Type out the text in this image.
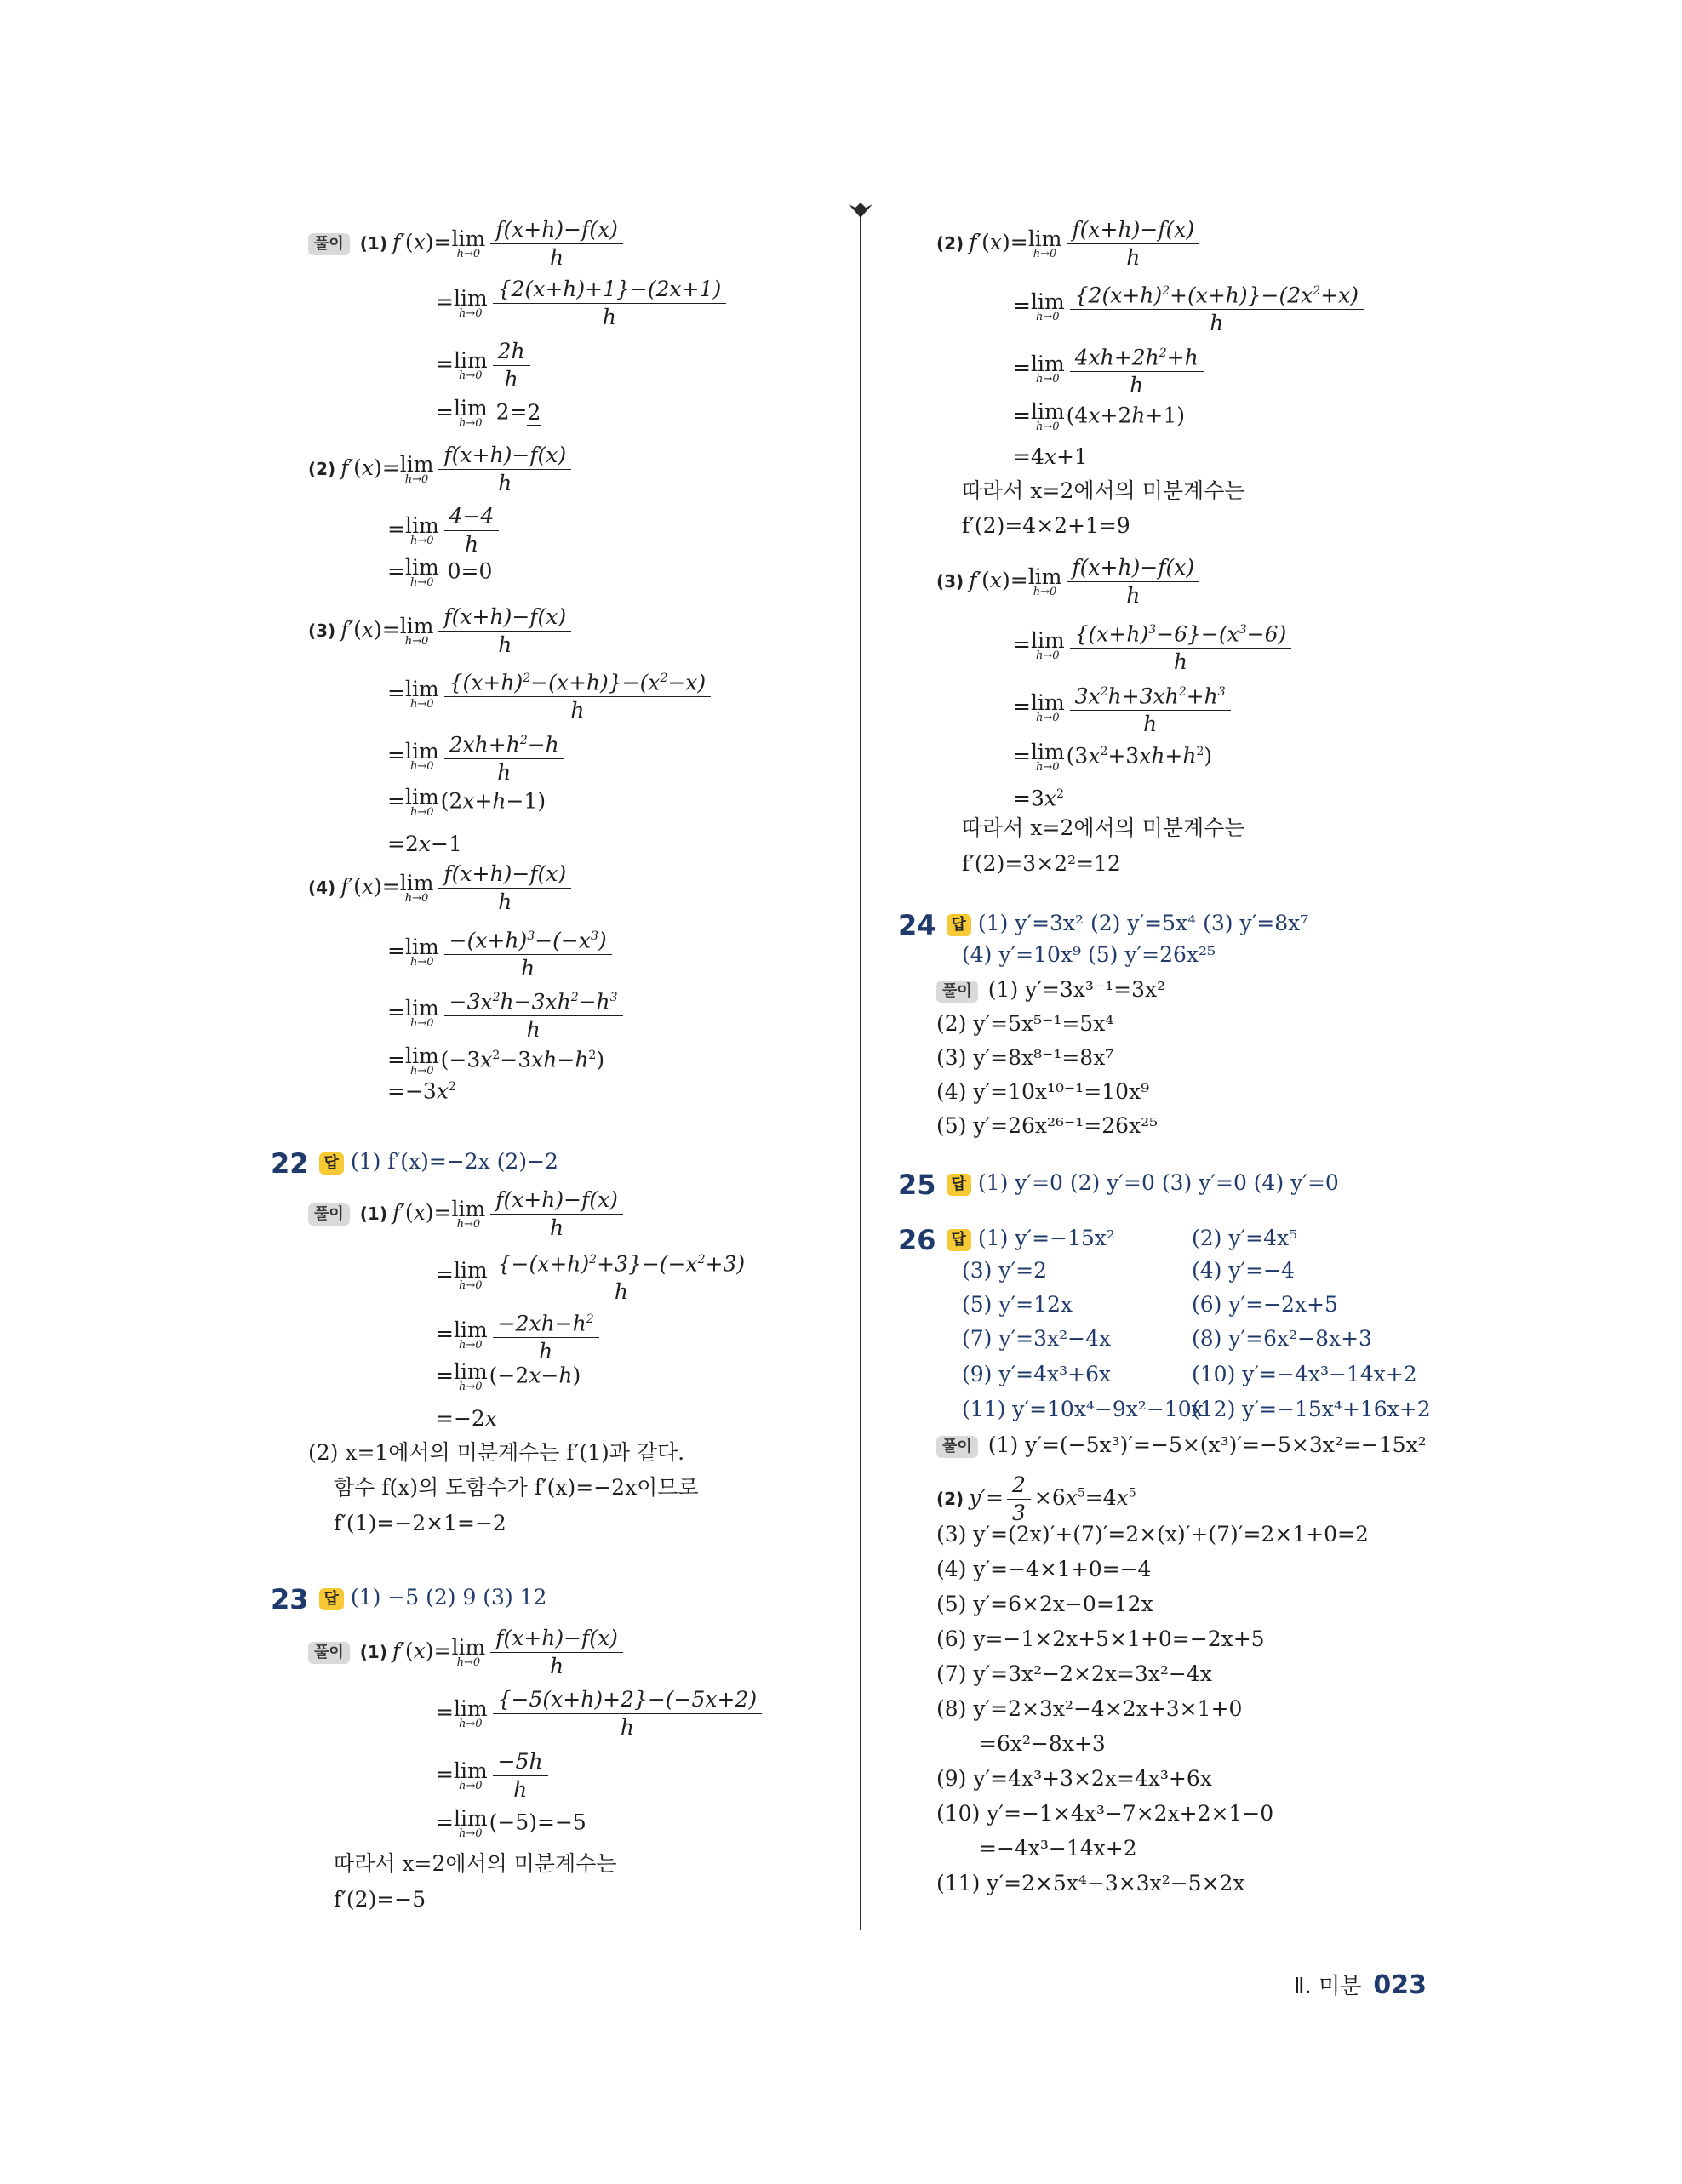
풀이 (1) f′(x)= lim
$h\to 0 \frac{f(x+h)-f(x)}{h}$
= lim
$h\to 0 \frac{\{2(x+h)+1\}-(2x+1)}{h}$
= lim
$h\to 0 \frac{2h}{h}$
= lim
h→0 2=2
(2) f′(x)= lim
$h\to 0 \frac{f(x+h)-f(x)}{h}$
= lim
$h\to 0 \frac{4-4}{h}$
= lim
h→0 0=0
(3) f′(x)= lim
$h\to 0 \frac{f(x+h)-f(x)}{h}$
= lim
$h\to 0 \frac{\{(x+h)^2-(x+h)\}-(x^2-x)}{h}$
= lim
$h\to 0 \frac{2xh+h^2-h}{h}$
= lim
h→0 (2x+h−1)
=2x−1
(4) f′(x)= lim
$h\to 0 \frac{f(x+h)-f(x)}{h}$
= lim
$h\to 0 \frac{-(x+h)^3-(-x^3)}{h}$
= lim
$h\to 0 \frac{-3x^2h-3xh^2-h^3}{h}$
= lim
h→0 $(-3x^2-3xh-h^2)$
$=-3x^2$
22 답 (1) f′(x)=−2x (2)−2
풀이 (1) f′(x)= lim
$h\to 0 \frac{f(x+h)-f(x)}{h}$
= lim
$h\to 0 \frac{\{-(x+h)^2+3\}-(-x^2+3)}{h}$
= lim
$h\to 0 \frac{-2xh-h^2}{h}$
= lim
h→0 (−2x−h)
=−2x
(2) x=1에서의 미분계수는 f′(1)과 같다.
함수 f(x)의 도함수가 f′(x)=−2x이므로
f′(1)=−2×1=−2
23 답 (1) −5 (2) 9 (3) 12
풀이 (1) f′(x)= lim
$h\to 0 \frac{f(x+h)-f(x)}{h}$
= lim
$h\to 0 \frac{\{-5(x+h)+2\}-(-5x+2)}{h}$
= lim
$h\to 0 \frac{-5h}{h}$
= lim
h→0 (−5)=−5
따라서 x=2에서의 미분계수는
f′(2)=−5
(2) f′(x)= lim
$h\to 0 \frac{f(x+h)-f(x)}{h}$
= lim
$h\to 0 \frac{\{2(x+h)^2+(x+h)\}-(2x^2+x)}{h}$
= lim
$h\to 0 \frac{4xh+2h^2+h}{h}$
= lim
h→0 (4x+2h+1)
=4x+1
따라서 x=2에서의 미분계수는
f′(2)=4×2+1=9
(3) f′(x)= lim
$h\to 0 \frac{f(x+h)-f(x)}{h}$
= lim
$h\to 0 \frac{\{(x+h)^3-6\}-(x^3-6)}{h}$
= lim
$h\to 0 \frac{3x^2h+3xh^2+h^3}{h}$
= lim
h→0 $(3x^2+3xh+h^2)$
$=3x^2$
따라서 x=2에서의 미분계수는
f′(2)=3×2²=12
24 답 (1) y′=3x² (2) y′=5x⁴ (3) y′=8x⁷
(4) y′=10x⁹ (5) y′=26x²⁵
풀이 (1) y′=3x³⁻¹=3x²
(2) y′=5x⁵⁻¹=5x⁴
(3) y′=8x⁸⁻¹=8x⁷
(4) y′=10x¹⁰⁻¹=10x⁹
(5) y′=26x²⁶⁻¹=26x²⁵
25 답 (1) y′=0 (2) y′=0 (3) y′=0 (4) y′=0
26 답 (1) y′=−15x²	(2) y′=4x⁵
(3) y′=2	(4) y′=−4
(5) y′=12x	(6) y′=−2x+5
(7) y′=3x²−4x	(8) y′=6x²−8x+3
(9) y′=4x³+6x	(10) y′=−4x³−14x+2
(11) y′=10x⁴−9x²−10x
(12) y′=−15x⁴+16x+2
풀이 (1) y′=(−5x³)′=−5×(x³)′=−5×3x²=−15x²
(2) $y'= \frac{2}{3} \times 6x^5=4x^5$
(3) y′=(2x)′+(7)′=2×(x)′+(7)′=2×1+0=2
(4) y′=−4×1+0=−4
(5) y′=6×2x−0=12x
(6) y=−1×2x+5×1+0=−2x+5
(7) y′=3x²−2×2x=3x²−4x
(8) y′=2×3x²−4×2x+3×1+0
=6x²−8x+3
(9) y′=4x³+3×2x=4x³+6x
(10) y′=−1×4x³−7×2x+2×1−0
=−4x³−14x+2
(11) y′=2×5x⁴−3×3x²−5×2x
Ⅱ. 미분 023
